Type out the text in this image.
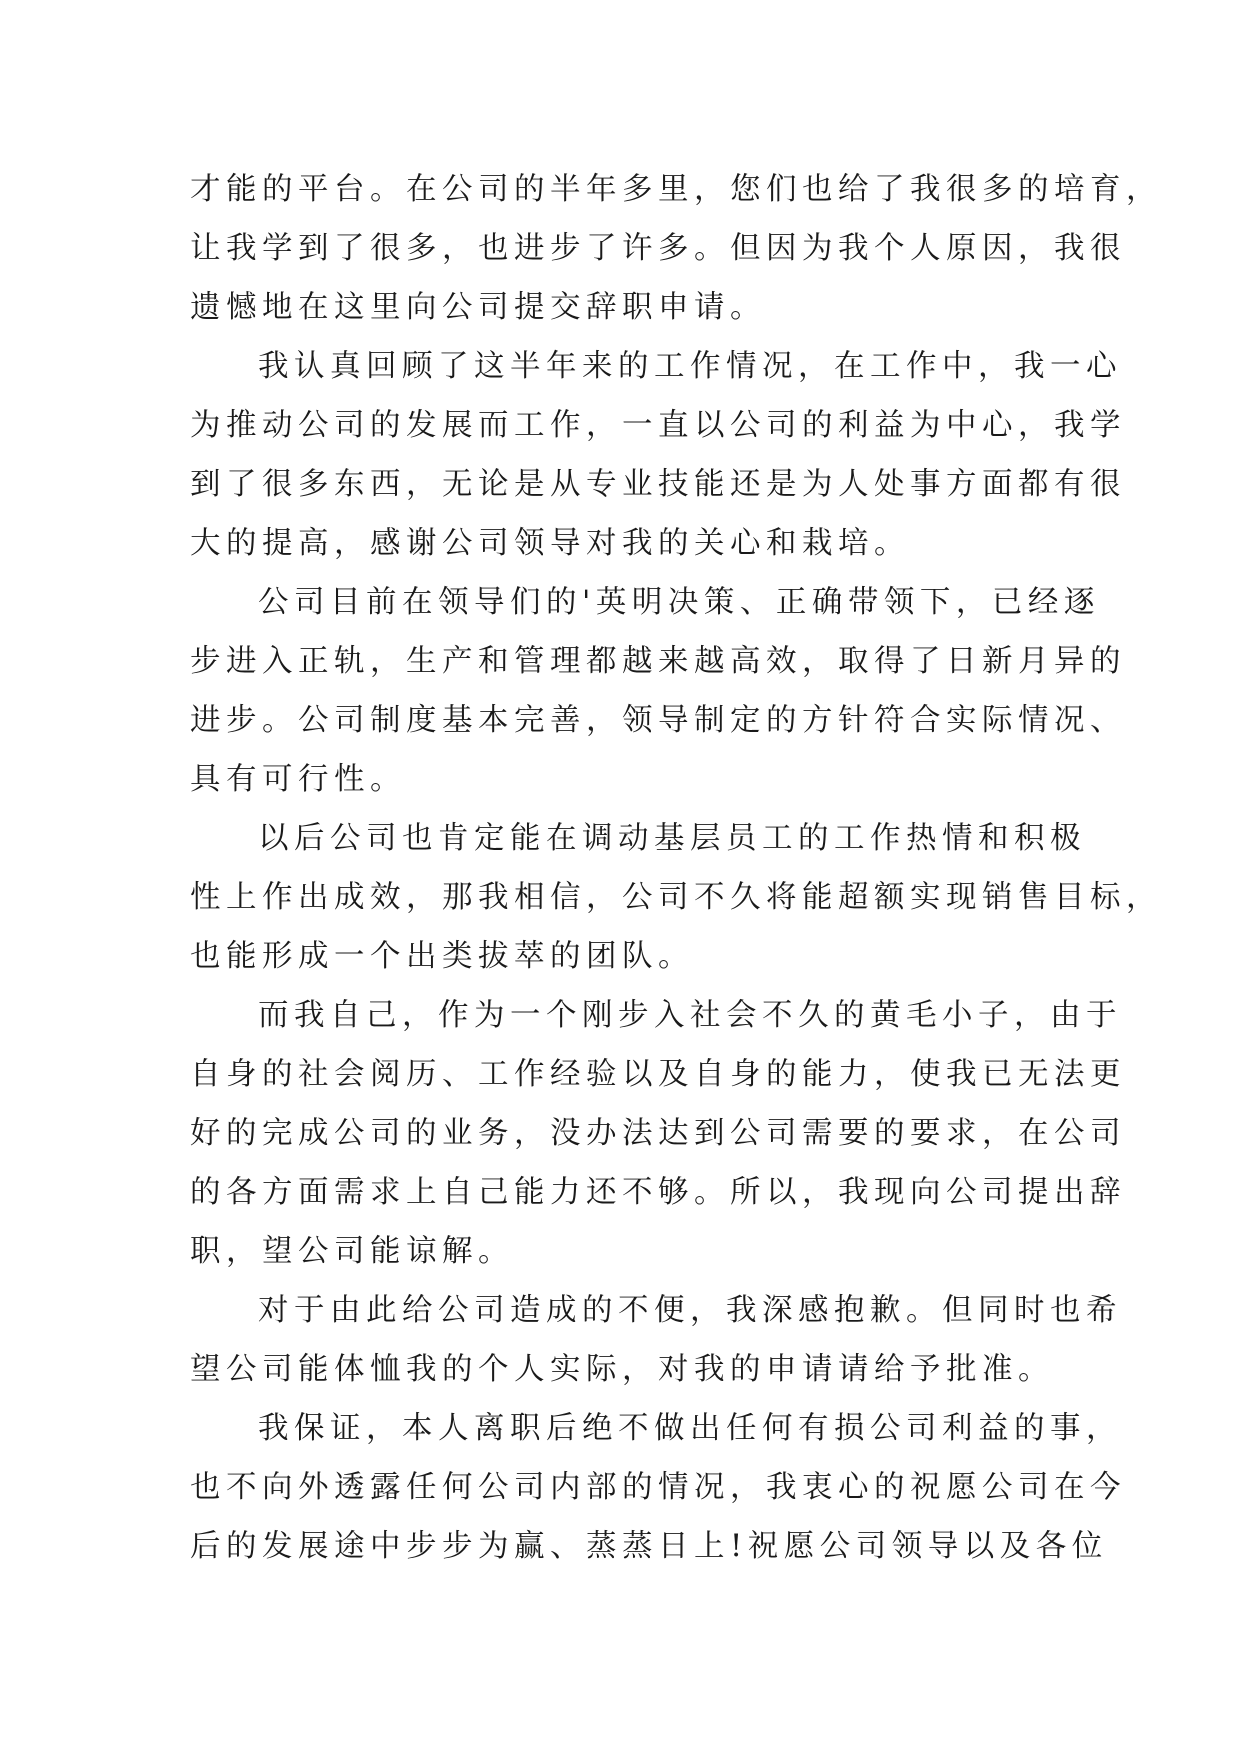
才能的平台。在公司的半年多里，您们也给了我很多的培育，
让我学到了很多，也进步了许多。但因为我个人原因，我很
遗憾地在这里向公司提交辞职申请。
我认真回顾了这半年来的工作情况，在工作中，我一心
为推动公司的发展而工作，一直以公司的利益为中心，我学
到了很多东西，无论是从专业技能还是为人处事方面都有很
大的提高，感谢公司领导对我的关心和栽培。
公司目前在领导们的'英明决策、正确带领下，已经逐
步进入正轨，生产和管理都越来越高效，取得了日新月异的
进步。公司制度基本完善，领导制定的方针符合实际情况、
具有可行性。
以后公司也肯定能在调动基层员工的工作热情和积极
性上作出成效，那我相信，公司不久将能超额实现销售目标，
也能形成一个出类拔萃的团队。
而我自己，作为一个刚步入社会不久的黄毛小子，由于
自身的社会阅历、工作经验以及自身的能力，使我已无法更
好的完成公司的业务，没办法达到公司需要的要求，在公司
的各方面需求上自己能力还不够。所以，我现向公司提出辞
职，望公司能谅解。
对于由此给公司造成的不便，我深感抱歉。但同时也希
望公司能体恤我的个人实际，对我的申请请给予批准。
我保证，本人离职后绝不做出任何有损公司利益的事，
也不向外透露任何公司内部的情况，我衷心的祝愿公司在今
后的发展途中步步为赢、蒸蒸日上!祝愿公司领导以及各位
